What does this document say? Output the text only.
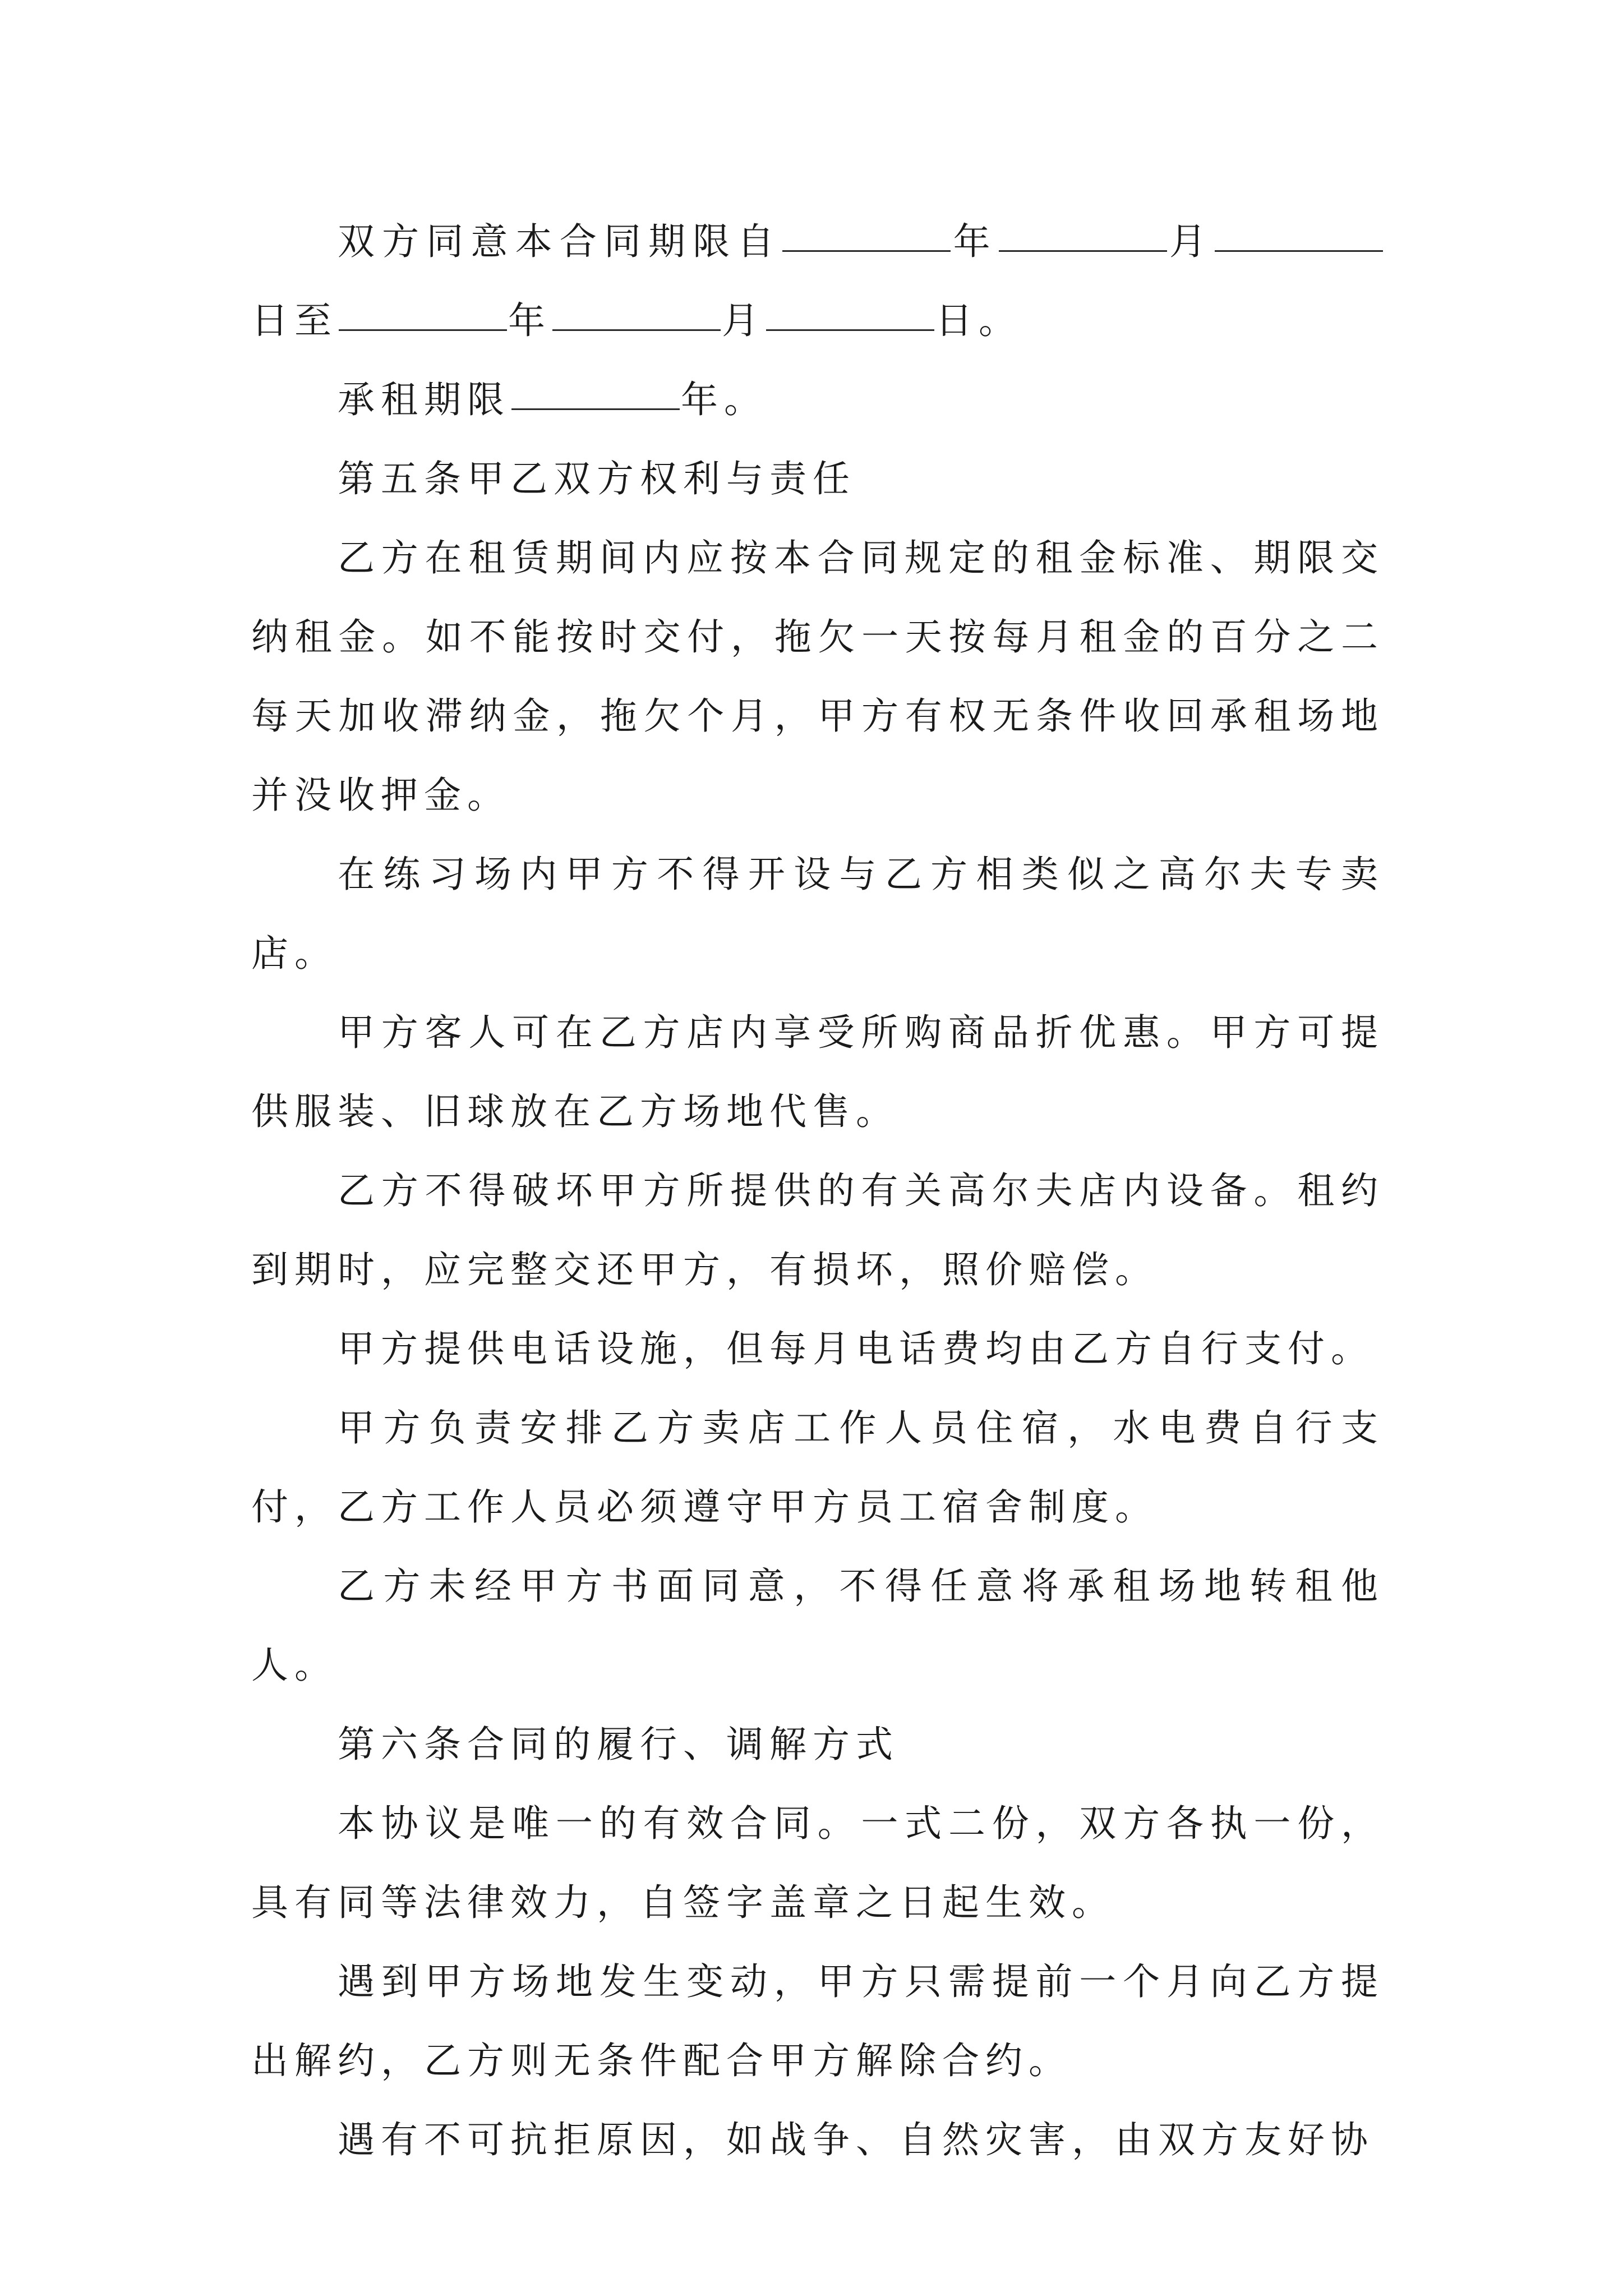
双方同意本合同期限自	年	月日至	年	月	日。

承租期限	年。

第五条甲乙双方权利与责任

乙方在租赁期间内应按本合同规定的租金标准、期限交纳租金。如不能按时交付，拖欠一天按每月租金的百分之二每天加收滞纳金，拖欠个月，甲方有权无条件收回承租场地并没收押金。

在练习场内甲方不得开设与乙方相类似之高尔夫专卖店。

甲方客人可在乙方店内享受所购商品折优惠。甲方可提供服装、旧球放在乙方场地代售。

乙方不得破坏甲方所提供的有关高尔夫店内设备。租约到期时，应完整交还甲方，有损坏，照价赔偿。

甲方提供电话设施，但每月电话费均由乙方自行支付。

甲方负责安排乙方卖店工作人员住宿，水电费自行支付，乙方工作人员必须遵守甲方员工宿舍制度。

乙方未经甲方书面同意，不得任意将承租场地转租他人。

第六条合同的履行、调解方式

本协议是唯一的有效合同。一式二份，双方各执一份，具有同等法律效力，自签字盖章之日起生效。

遇到甲方场地发生变动，甲方只需提前一个月向乙方提出解约，乙方则无条件配合甲方解除合约。

遇有不可抗拒原因，如战争、自然灾害，由双方友好协
